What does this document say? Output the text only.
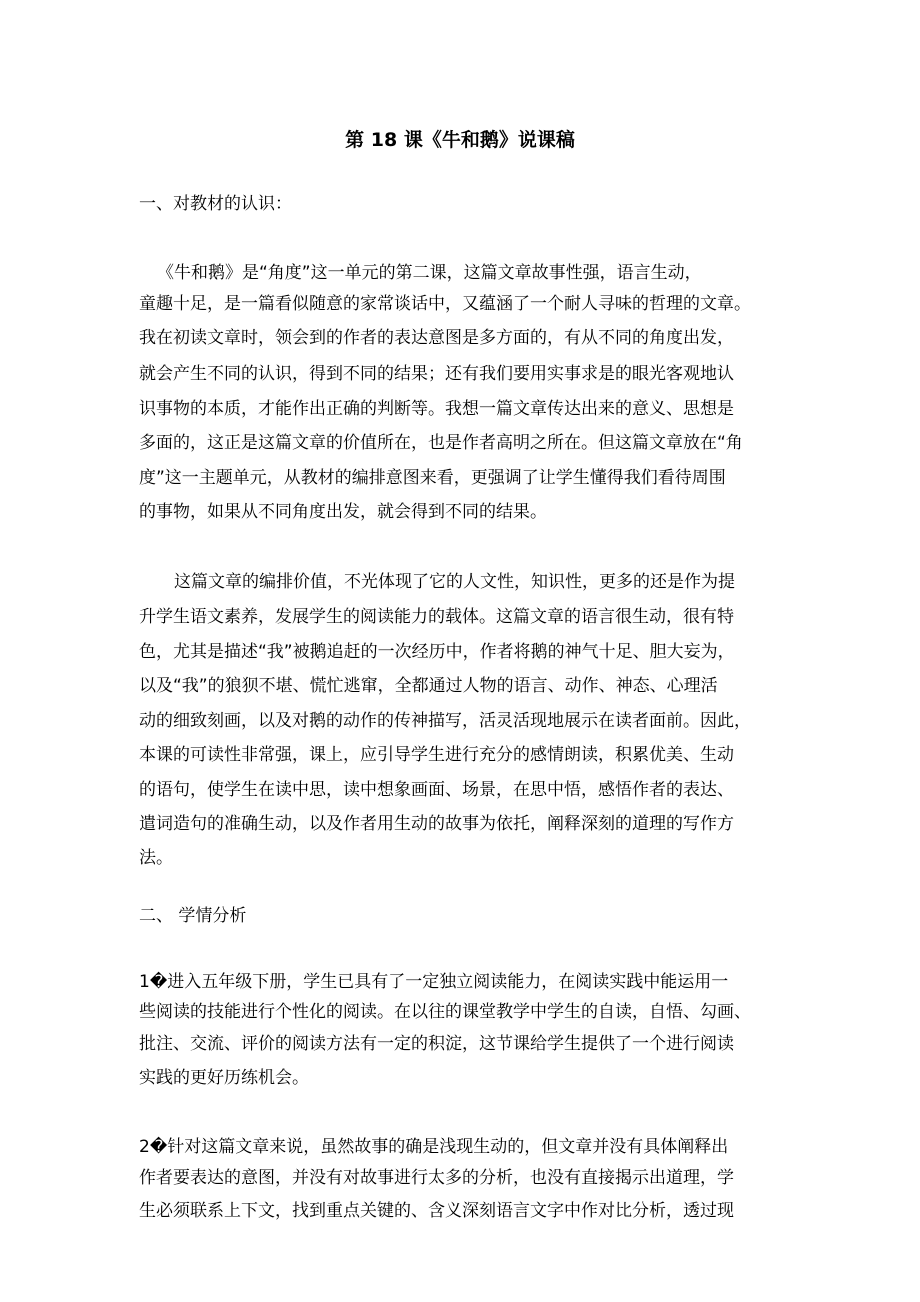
第 18 课《牛和鹅》说课稿
一、对教材的认识：
《牛和鹅》是“角度”这一单元的第二课，这篇文章故事性强，语言生动，
童趣十足，是一篇看似随意的家常谈话中，又蕴涵了一个耐人寻味的哲理的文章。
我在初读文章时，领会到的作者的表达意图是多方面的，有从不同的角度出发，
就会产生不同的认识，得到不同的结果；还有我们要用实事求是的眼光客观地认
识事物的本质，才能作出正确的判断等。我想一篇文章传达出来的意义、思想是
多面的，这正是这篇文章的价值所在，也是作者高明之所在。但这篇文章放在“角
度”这一主题单元，从教材的编排意图来看，更强调了让学生懂得我们看待周围
的事物，如果从不同角度出发，就会得到不同的结果。
这篇文章的编排价值，不光体现了它的人文性，知识性，更多的还是作为提
升学生语文素养，发展学生的阅读能力的载体。这篇文章的语言很生动，很有特
色，尤其是描述“我”被鹅追赶的一次经历中，作者将鹅的神气十足、胆大妄为，
以及“我”的狼狈不堪、慌忙逃窜，全都通过人物的语言、动作、神态、心理活
动的细致刻画，以及对鹅的动作的传神描写，活灵活现地展示在读者面前。因此，
本课的可读性非常强，课上，应引导学生进行充分的感情朗读，积累优美、生动
的语句，使学生在读中思，读中想象画面、场景，在思中悟，感悟作者的表达、
遣词造句的准确生动，以及作者用生动的故事为依托，阐释深刻的道理的写作方
法。
二、 学情分析
1�进入五年级下册，学生已具有了一定独立阅读能力，在阅读实践中能运用一
些阅读的技能进行个性化的阅读。在以往的课堂教学中学生的自读，自悟、勾画、
批注、交流、评价的阅读方法有一定的积淀，这节课给学生提供了一个进行阅读
实践的更好历练机会。
2�针对这篇文章来说，虽然故事的确是浅现生动的，但文章并没有具体阐释出
作者要表达的意图，并没有对故事进行太多的分析，也没有直接揭示出道理，学
生必须联系上下文，找到重点关键的、含义深刻语言文字中作对比分析，透过现
